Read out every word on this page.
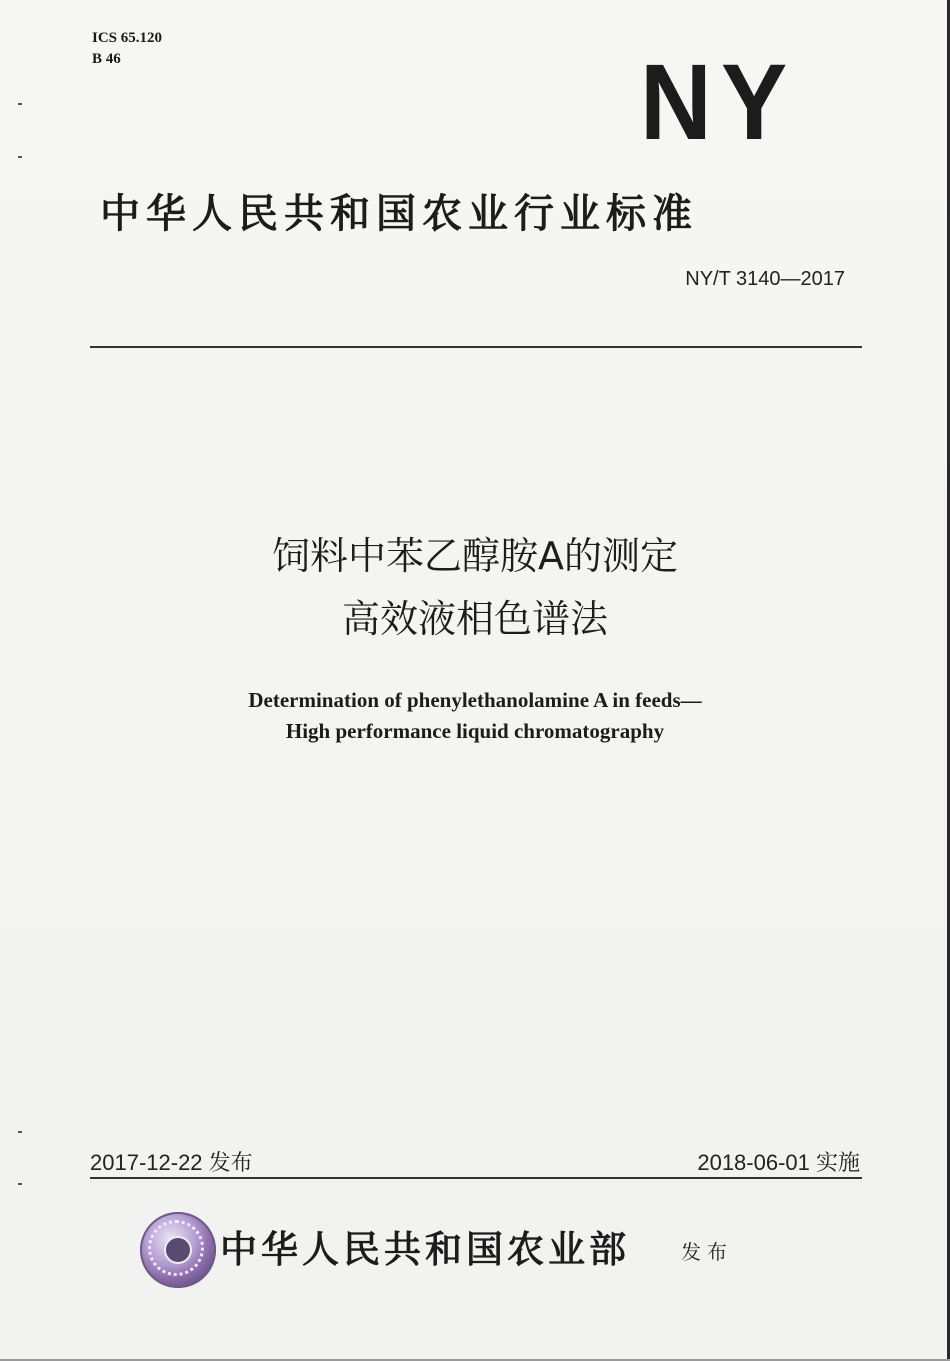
ICS 65.120
B 46	NY
中华人民共和国农业行业标准
NY/T 3140—2017
饲料中苯乙醇胺A的测定
高效液相色谱法
Determination of phenylethanolamine A in feeds—
High performance liquid chromatography
2017-12-22 发布	2018-06-01 实施
中华人民共和国农业部	发布
